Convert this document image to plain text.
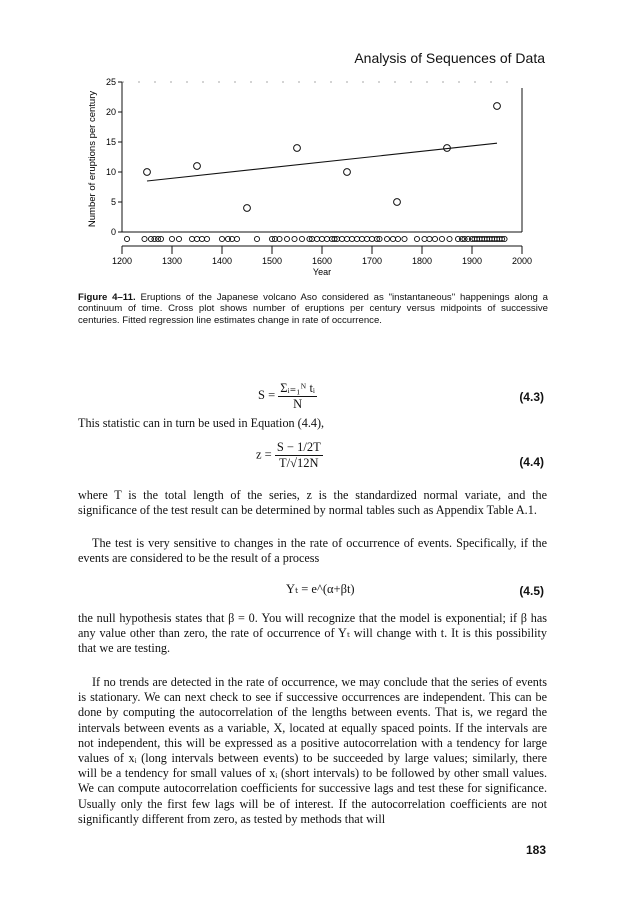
Analysis of Sequences of Data
0
5
10
15
20
25
1200	1300	1400	1500	1600	1700	1800	1900	2000
Year
Number of eruptions per century
Figure 4–11. Eruptions of the Japanese volcano Aso considered as "instantaneous" happenings along a continuum of time. Cross plot shows number of eruptions per century versus midpoints of successive centuries. Fitted regression line estimates change in rate of occurrence.
$S = \frac{\text{Σᵢ₌₁ᴺ tᵢ}}{N}$	(4.3)

This statistic can in turn be used in Equation (4.4),

$z = \frac{S - 1/2T}{T/√12N}$	(4.4)

where T is the total length of the series, z is the standardized normal variate, and the significance of the test result can be determined by normal tables such as Appendix Table A.1.

The test is very sensitive to changes in the rate of occurrence of events. Specifically, if the events are considered to be the result of a process

Yₜ = e^(α+βt)	(4.5)

the null hypothesis states that β = 0. You will recognize that the model is exponential; if β has any value other than zero, the rate of occurrence of Yₜ will change with t. It is this possibility that we are testing.

If no trends are detected in the rate of occurrence, we may conclude that the series of events is stationary. We can next check to see if successive occurrences are independent. This can be done by computing the autocorrelation of the lengths between events. That is, we regard the intervals between events as a variable, X, located at equally spaced points. If the intervals are not independent, this will be expressed as a positive autocorrelation with a tendency for large values of xᵢ (long intervals between events) to be succeeded by large values; similarly, there will be a tendency for small values of xᵢ (short intervals) to be followed by other small values. We can compute autocorrelation coefficients for successive lags and test these for significance. Usually only the first few lags will be of interest. If the autocorrelation coefficients are not significantly different from zero, as tested by methods that will

183
